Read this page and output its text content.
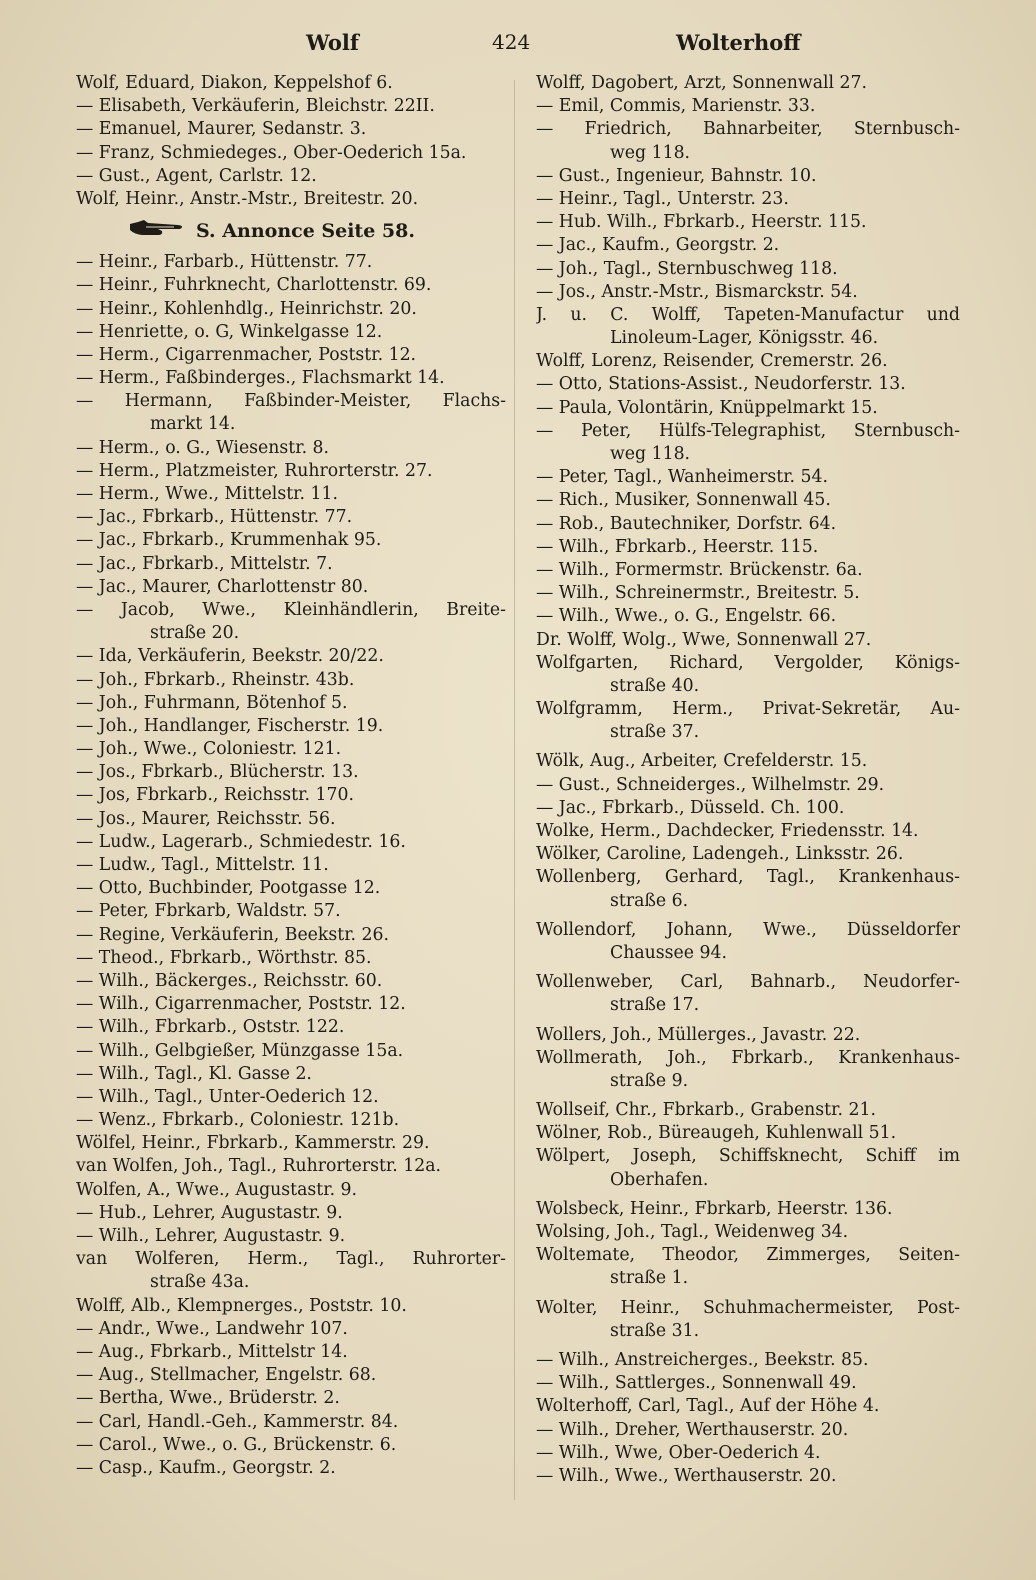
Wolf	424	Wolterhoff
Wolf, Eduard, Diakon, Keppelshof 6.
— Elisabeth, Verkäuferin, Bleichstr. 22II.
— Emanuel, Maurer, Sedanstr. 3.
— Franz, Schmiedeges., Ober-Oederich 15a.
— Gust., Agent, Carlstr. 12.
Wolf, Heinr., Anstr.-Mstr., Breitestr. 20.
S. Annonce Seite 58.
— Heinr., Farbarb., Hüttenstr. 77.
— Heinr., Fuhrknecht, Charlottenstr. 69.
— Heinr., Kohlenhdlg., Heinrichstr. 20.
— Henriette, o. G, Winkelgasse 12.
— Herm., Cigarrenmacher, Poststr. 12.
— Herm., Faßbinderges., Flachsmarkt 14.
— Hermann, Faßbinder-Meister, Flachs-
markt 14.
— Herm., o. G., Wiesenstr. 8.
— Herm., Platzmeister, Ruhrorterstr. 27.
— Herm., Wwe., Mittelstr. 11.
— Jac., Fbrkarb., Hüttenstr. 77.
— Jac., Fbrkarb., Krummenhak 95.
— Jac., Fbrkarb., Mittelstr. 7.
— Jac., Maurer, Charlottenstr 80.
— Jacob, Wwe., Kleinhändlerin, Breite-
straße 20.
— Ida, Verkäuferin, Beekstr. 20/22.
— Joh., Fbrkarb., Rheinstr. 43b.
— Joh., Fuhrmann, Bötenhof 5.
— Joh., Handlanger, Fischerstr. 19.
— Joh., Wwe., Coloniestr. 121.
— Jos., Fbrkarb., Blücherstr. 13.
— Jos, Fbrkarb., Reichsstr. 170.
— Jos., Maurer, Reichsstr. 56.
— Ludw., Lagerarb., Schmiedestr. 16.
— Ludw., Tagl., Mittelstr. 11.
— Otto, Buchbinder, Pootgasse 12.
— Peter, Fbrkarb, Waldstr. 57.
— Regine, Verkäuferin, Beekstr. 26.
— Theod., Fbrkarb., Wörthstr. 85.
— Wilh., Bäckerges., Reichsstr. 60.
— Wilh., Cigarrenmacher, Poststr. 12.
— Wilh., Fbrkarb., Oststr. 122.
— Wilh., Gelbgießer, Münzgasse 15a.
— Wilh., Tagl., Kl. Gasse 2.
— Wilh., Tagl., Unter-Oederich 12.
— Wenz., Fbrkarb., Coloniestr. 121b.
Wölfel, Heinr., Fbrkarb., Kammerstr. 29.
van Wolfen, Joh., Tagl., Ruhrorterstr. 12a.
Wolfen, A., Wwe., Augustastr. 9.
— Hub., Lehrer, Augustastr. 9.
— Wilh., Lehrer, Augustastr. 9.
van Wolferen, Herm., Tagl., Ruhrorter-
straße 43a.
Wolff, Alb., Klempnerges., Poststr. 10.
— Andr., Wwe., Landwehr 107.
— Aug., Fbrkarb., Mittelstr 14.
— Aug., Stellmacher, Engelstr. 68.
— Bertha, Wwe., Brüderstr. 2.
— Carl, Handl.-Geh., Kammerstr. 84.
— Carol., Wwe., o. G., Brückenstr. 6.
— Casp., Kaufm., Georgstr. 2.
Wolff, Dagobert, Arzt, Sonnenwall 27.
— Emil, Commis, Marienstr. 33.
— Friedrich, Bahnarbeiter, Sternbusch-
weg 118.
— Gust., Ingenieur, Bahnstr. 10.
— Heinr., Tagl., Unterstr. 23.
— Hub. Wilh., Fbrkarb., Heerstr. 115.
— Jac., Kaufm., Georgstr. 2.
— Joh., Tagl., Sternbuschweg 118.
— Jos., Anstr.-Mstr., Bismarckstr. 54.
J. u. C. Wolff, Tapeten-Manufactur und
Linoleum-Lager, Königsstr. 46.
Wolff, Lorenz, Reisender, Cremerstr. 26.
— Otto, Stations-Assist., Neudorferstr. 13.
— Paula, Volontärin, Knüppelmarkt 15.
— Peter, Hülfs-Telegraphist, Sternbusch-
weg 118.
— Peter, Tagl., Wanheimerstr. 54.
— Rich., Musiker, Sonnenwall 45.
— Rob., Bautechniker, Dorfstr. 64.
— Wilh., Fbrkarb., Heerstr. 115.
— Wilh., Formermstr. Brückenstr. 6a.
— Wilh., Schreinermstr., Breitestr. 5.
— Wilh., Wwe., o. G., Engelstr. 66.
Dr. Wolff, Wolg., Wwe, Sonnenwall 27.
Wolfgarten, Richard, Vergolder, Königs-
straße 40.
Wolfgramm, Herm., Privat-Sekretär, Au-
straße 37.
Wölk, Aug., Arbeiter, Crefelderstr. 15.
— Gust., Schneiderges., Wilhelmstr. 29.
— Jac., Fbrkarb., Düsseld. Ch. 100.
Wolke, Herm., Dachdecker, Friedensstr. 14.
Wölker, Caroline, Ladengeh., Linksstr. 26.
Wollenberg, Gerhard, Tagl., Krankenhaus-
straße 6.
Wollendorf, Johann, Wwe., Düsseldorfer
Chaussee 94.
Wollenweber, Carl, Bahnarb., Neudorfer-
straße 17.
Wollers, Joh., Müllerges., Javastr. 22.
Wollmerath, Joh., Fbrkarb., Krankenhaus-
straße 9.
Wollseif, Chr., Fbrkarb., Grabenstr. 21.
Wölner, Rob., Büreaugeh, Kuhlenwall 51.
Wölpert, Joseph, Schiffsknecht, Schiff im
Oberhafen.
Wolsbeck, Heinr., Fbrkarb, Heerstr. 136.
Wolsing, Joh., Tagl., Weidenweg 34.
Woltemate, Theodor, Zimmerges, Seiten-
straße 1.
Wolter, Heinr., Schuhmachermeister, Post-
straße 31.
— Wilh., Anstreicherges., Beekstr. 85.
— Wilh., Sattlerges., Sonnenwall 49.
Wolterhoff, Carl, Tagl., Auf der Höhe 4.
— Wilh., Dreher, Werthauserstr. 20.
— Wilh., Wwe, Ober-Oederich 4.
— Wilh., Wwe., Werthauserstr. 20.
